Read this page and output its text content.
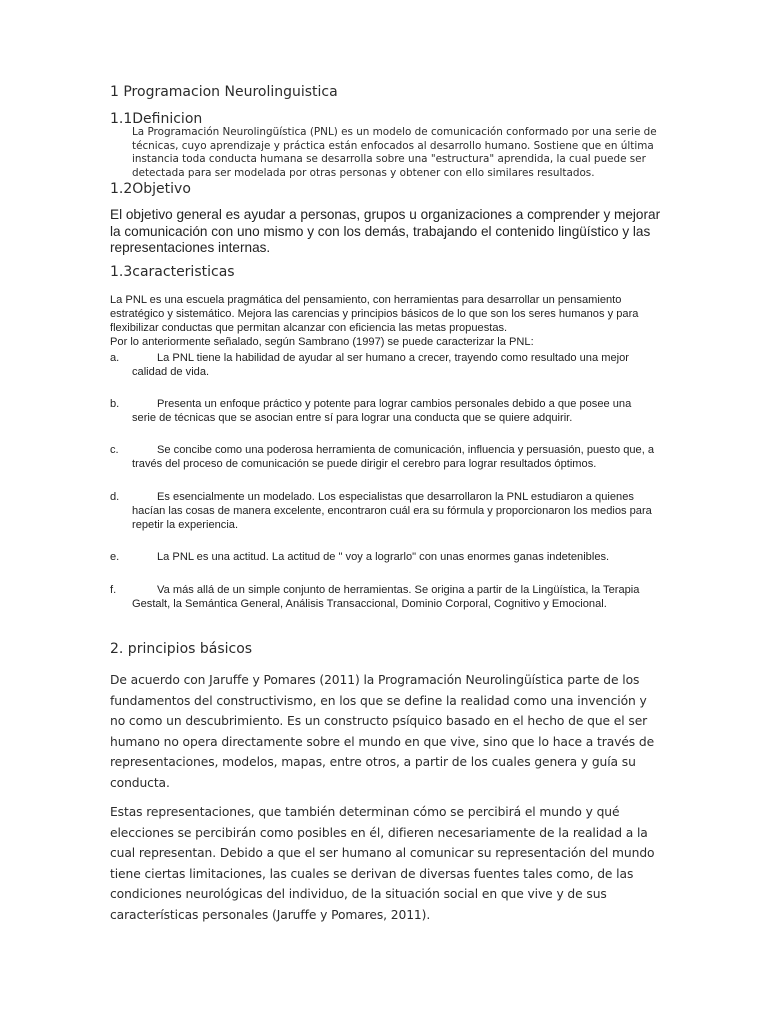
1 Programacion Neurolinguistica
1.1Definicion

La Programación Neurolingüística (PNL) es un modelo de comunicación conformado por una serie de técnicas, cuyo aprendizaje y práctica están enfocados al desarrollo humano. Sostiene que en última instancia toda conducta humana se desarrolla sobre una "estructura" aprendida, la cual puede ser detectada para ser modelada por otras personas y obtener con ello similares resultados.

1.2Objetivo

El objetivo general es ayudar a personas, grupos u organizaciones a comprender y mejorar la comunicación con uno mismo y con los demás, trabajando el contenido lingüístico y las representaciones internas.

1.3caracteristicas

La PNL es una escuela pragmática del pensamiento, con herramientas para desarrollar un pensamiento estratégico y sistemático. Mejora las carencias y principios básicos de lo que son los seres humanos y para flexibilizar conductas que permitan alcanzar con eficiencia las metas propuestas.

Por lo anteriormente señalado, según Sambrano (1997) se puede caracterizar la PNL:

a.	La PNL tiene la habilidad de ayudar al ser humano a crecer, trayendo como resultado una mejor calidad de vida.

b.	Presenta un enfoque práctico y potente para lograr cambios personales debido a que posee una serie de técnicas que se asocian entre sí para lograr una conducta que se quiere adquirir.

c.	Se concibe como una poderosa herramienta de comunicación, influencia y persuasión, puesto que, a través del proceso de comunicación se puede dirigir el cerebro para lograr resultados óptimos.

d.	Es esencialmente un modelado. Los especialistas que desarrollaron la PNL estudiaron a quienes hacían las cosas de manera excelente, encontraron cuál era su fórmula y proporcionaron los medios para repetir la experiencia.

e.	La PNL es una actitud. La actitud de " voy a lograrlo" con unas enormes ganas indetenibles.

f.	Va más allá de un simple conjunto de herramientas. Se origina a partir de la Lingüística, la Terapia Gestalt, la Semántica General, Análisis Transaccional, Dominio Corporal, Cognitivo y Emocional.

2. principios básicos

De acuerdo con Jaruffe y Pomares (2011) la Programación Neurolingüística parte de los fundamentos del constructivismo, en los que se define la realidad como una invención y no como un descubrimiento. Es un constructo psíquico basado en el hecho de que el ser humano no opera directamente sobre el mundo en que vive, sino que lo hace a través de representaciones, modelos, mapas, entre otros, a partir de los cuales genera y guía su conducta.

Estas representaciones, que también determinan cómo se percibirá el mundo y qué elecciones se percibirán como posibles en él, difieren necesariamente de la realidad a la cual representan. Debido a que el ser humano al comunicar su representación del mundo tiene ciertas limitaciones, las cuales se derivan de diversas fuentes tales como, de las condiciones neurológicas del individuo, de la situación social en que vive y de sus características personales (Jaruffe y Pomares, 2011).
